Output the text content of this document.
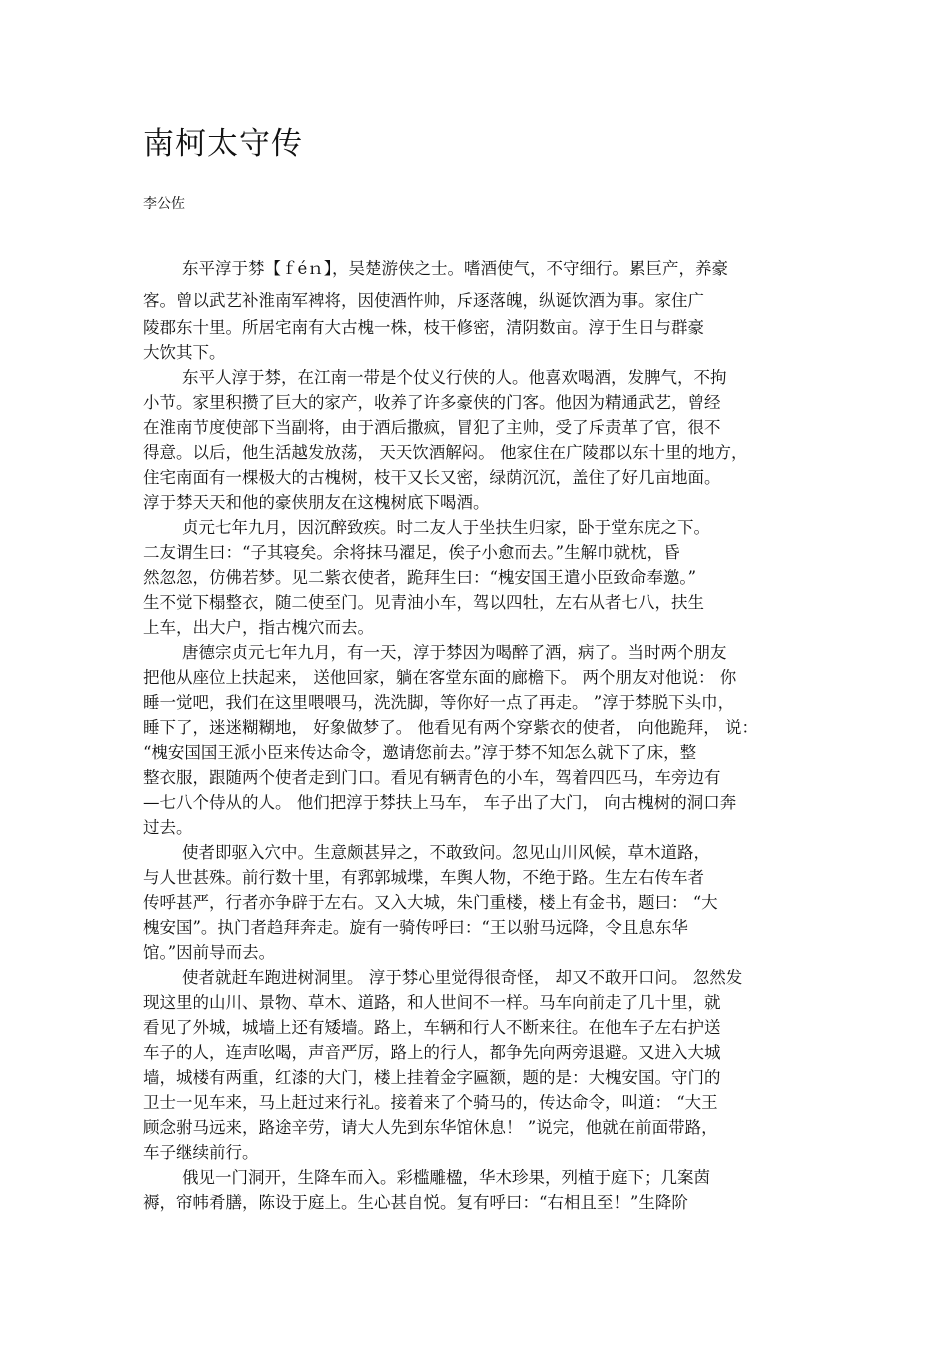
南柯太守传
李公佐
东平淳于棼【ｆéｎ】，吴楚游侠之士。嗜酒使气，不守细行。累巨产，养豪
客。曾以武艺补淮南军裨将，因使酒忤帅，斥逐落魄，纵诞饮酒为事。家住广
陵郡东十里。所居宅南有大古槐一株，枝干修密，清阴数亩。淳于生日与群豪
大饮其下。
东平人淳于棼，在江南一带是个仗义行侠的人。他喜欢喝酒，发脾气，不拘
小节。家里积攒了巨大的家产，收养了许多豪侠的门客。他因为精通武艺，曾经
在淮南节度使部下当副将，由于酒后撒疯，冒犯了主帅，受了斥责革了官，很不
得意。以后，他生活越发放荡， 天天饮酒解闷。 他家住在广陵郡以东十里的地方，
住宅南面有一棵极大的古槐树，枝干又长又密，绿荫沉沉，盖住了好几亩地面。
淳于棼天天和他的豪侠朋友在这槐树底下喝酒。
贞元七年九月，因沉醉致疾。时二友人于坐扶生归家，卧于堂东庑之下。
二友谓生曰：“子其寝矣。余将抹马濯足，俟子小愈而去。”生解巾就枕，昏
然忽忽，仿佛若梦。见二紫衣使者，跪拜生曰：“槐安国王遣小臣致命奉邀。”
生不觉下榻整衣，随二使至门。见青油小车，驾以四牡，左右从者七八，扶生
上车，出大户，指古槐穴而去。
唐德宗贞元七年九月，有一天，淳于棼因为喝醉了酒，病了。当时两个朋友
把他从座位上扶起来， 送他回家，躺在客堂东面的廊檐下。 两个朋友对他说： 你
睡一觉吧，我们在这里喂喂马，洗洗脚，等你好一点了再走。 ”淳于棼脱下头巾，
睡下了，迷迷糊糊地， 好象做梦了。 他看见有两个穿紫衣的使者， 向他跪拜， 说：
“槐安国国王派小臣来传达命令，邀请您前去。”淳于棼不知怎么就下了床，整
整衣服，跟随两个使者走到门口。看见有辆青色的小车，驾着四匹马，车旁边有
—七八个侍从的人。 他们把淳于棼扶上马车， 车子出了大门， 向古槐树的洞口奔
过去。
使者即驱入穴中。生意颇甚异之，不敢致问。忽见山川风候，草木道路，
与人世甚殊。前行数十里，有郛郭城堞，车舆人物，不绝于路。生左右传车者
传呼甚严，行者亦争辟于左右。又入大城，朱门重楼，楼上有金书，题曰： “大
槐安国”。执门者趋拜奔走。旋有一骑传呼曰：“王以驸马远降，令且息东华
馆。”因前导而去。
使者就赶车跑进树洞里。 淳于棼心里觉得很奇怪， 却又不敢开口问。 忽然发
现这里的山川、景物、草木、道路，和人世间不一样。马车向前走了几十里，就
看见了外城，城墙上还有矮墙。路上，车辆和行人不断来往。在他车子左右护送
车子的人，连声吆喝，声音严厉，路上的行人，都争先向两旁退避。又进入大城
墙，城楼有两重，红漆的大门，楼上挂着金字匾额，题的是：大槐安国。守门的
卫士一见车来，马上赶过来行礼。接着来了个骑马的，传达命令，叫道： “大王
顾念驸马远来，路途辛劳，请大人先到东华馆休息！ ”说完，他就在前面带路，
车子继续前行。
俄见一门洞开，生降车而入。彩槛雕楹，华木珍果，列植于庭下；几案茵
褥，帘帏肴膳，陈设于庭上。生心甚自悦。复有呼曰：“右相且至！”生降阶
